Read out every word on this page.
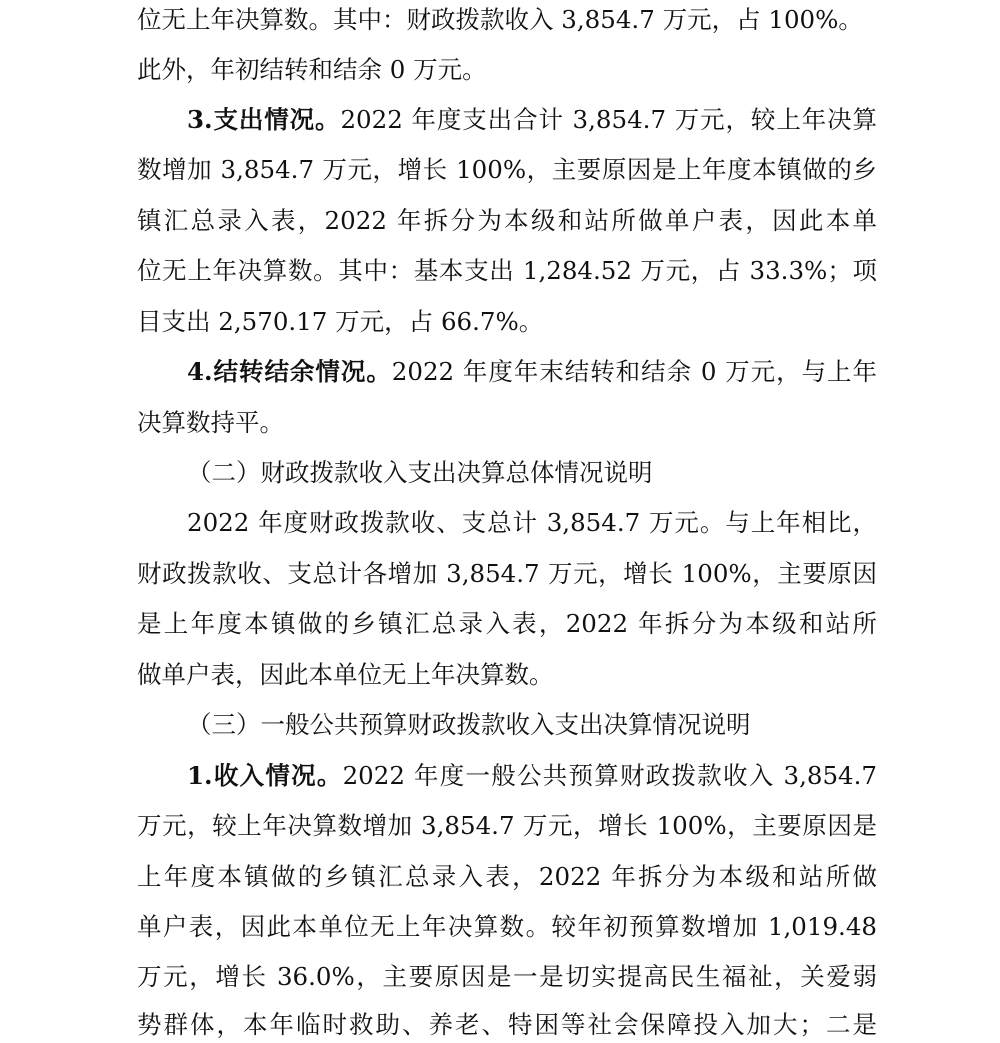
位无上年决算数。其中：财政拨款收入 3,854.7 万元，占 100%。
此外，年初结转和结余 0 万元。
3.支出情况。2022 年度支出合计 3,854.7 万元，较上年决算
数增加 3,854.7 万元，增长 100%，主要原因是上年度本镇做的乡
镇汇总录入表，2022 年拆分为本级和站所做单户表，因此本单
位无上年决算数。其中：基本支出 1,284.52 万元，占 33.3%；项
目支出 2,570.17 万元，占 66.7%。
4.结转结余情况。2022 年度年末结转和结余 0 万元，与上年
决算数持平。
（二）财政拨款收入支出决算总体情况说明
2022 年度财政拨款收、支总计 3,854.7 万元。与上年相比，
财政拨款收、支总计各增加 3,854.7 万元，增长 100%，主要原因
是上年度本镇做的乡镇汇总录入表，2022 年拆分为本级和站所
做单户表，因此本单位无上年决算数。
（三）一般公共预算财政拨款收入支出决算情况说明
1.收入情况。2022 年度一般公共预算财政拨款收入 3,854.7
万元，较上年决算数增加 3,854.7 万元，增长 100%，主要原因是
上年度本镇做的乡镇汇总录入表，2022 年拆分为本级和站所做
单户表，因此本单位无上年决算数。较年初预算数增加 1,019.48
万元，增长 36.0%，主要原因是一是切实提高民生福祉，关爱弱
势群体，本年临时救助、养老、特困等社会保障投入加大；二是
